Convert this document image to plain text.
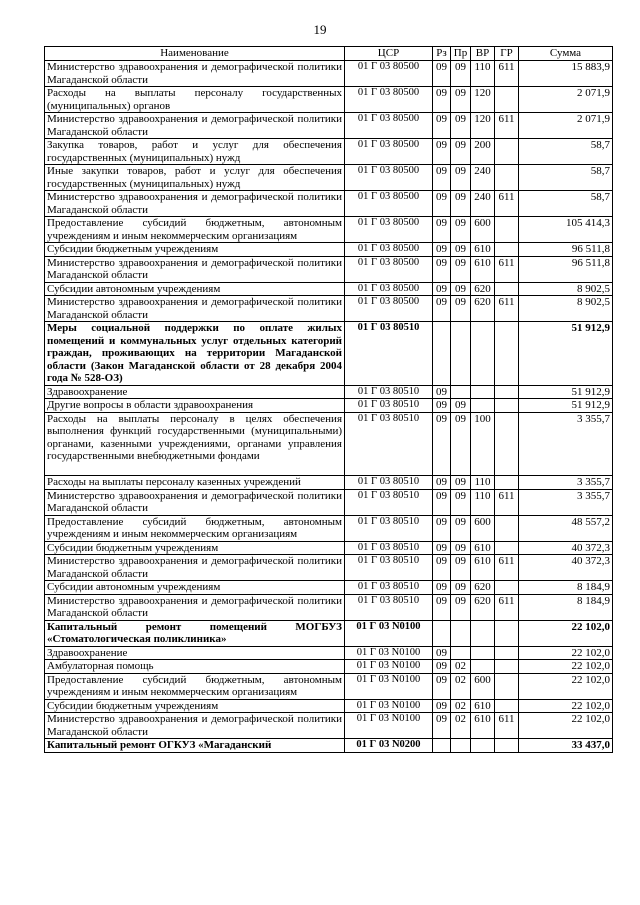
19
Наименование	ЦСР	Рз	Пр	ВР	ГР	Сумма
Министерство здравоохранения и демографической политики Магаданской области	01 Г 03 80500	09	09	110	611	15 883,9
Расходы на выплаты персоналу государственных (муниципальных) органов	01 Г 03 80500	09	09	120		2 071,9
Министерство здравоохранения и демографической политики Магаданской области	01 Г 03 80500	09	09	120	611	2 071,9
Закупка товаров, работ и услуг для обеспечения государственных (муниципальных) нужд	01 Г 03 80500	09	09	200		58,7
Иные закупки товаров, работ и услуг для обеспечения государственных (муниципальных) нужд	01 Г 03 80500	09	09	240		58,7
Министерство здравоохранения и демографической политики Магаданской области	01 Г 03 80500	09	09	240	611	58,7
Предоставление субсидий бюджетным, автономным учреждениям и иным некоммерческим организациям	01 Г 03 80500	09	09	600		105 414,3
Субсидии бюджетным учреждениям	01 Г 03 80500	09	09	610		96 511,8
Министерство здравоохранения и демографической политики Магаданской области	01 Г 03 80500	09	09	610	611	96 511,8
Субсидии автономным учреждениям	01 Г 03 80500	09	09	620		8 902,5
Министерство здравоохранения и демографической политики Магаданской области	01 Г 03 80500	09	09	620	611	8 902,5
Меры социальной поддержки по оплате жилых помещений и коммунальных услуг отдельных категорий граждан, проживающих на территории Магаданской области (Закон Магаданской области от 28 декабря 2004 года № 528-ОЗ)	01 Г 03 80510					51 912,9
Здравоохранение	01 Г 03 80510	09				51 912,9
Другие вопросы в области здравоохранения	01 Г 03 80510	09	09			51 912,9
Расходы на выплаты персоналу в целях обеспечения выполнения функций государственными (муниципальными) органами, казенными учреждениями, органами управления государственными внебюджетными фондами	01 Г 03 80510	09	09	100		3 355,7
Расходы на выплаты персоналу казенных учреждений	01 Г 03 80510	09	09	110		3 355,7
Министерство здравоохранения и демографической политики Магаданской области	01 Г 03 80510	09	09	110	611	3 355,7
Предоставление субсидий бюджетным, автономным учреждениям и иным некоммерческим организациям	01 Г 03 80510	09	09	600		48 557,2
Субсидии бюджетным учреждениям	01 Г 03 80510	09	09	610		40 372,3
Министерство здравоохранения и демографической политики Магаданской области	01 Г 03 80510	09	09	610	611	40 372,3
Субсидии автономным учреждениям	01 Г 03 80510	09	09	620		8 184,9
Министерство здравоохранения и демографической политики Магаданской области	01 Г 03 80510	09	09	620	611	8 184,9
Капитальный ремонт помещений МОГБУЗ «Стоматологическая поликлиника»	01 Г 03 N0100					22 102,0
Здравоохранение	01 Г 03 N0100	09				22 102,0
Амбулаторная помощь	01 Г 03 N0100	09	02			22 102,0
Предоставление субсидий бюджетным, автономным учреждениям и иным некоммерческим организациям	01 Г 03 N0100	09	02	600		22 102,0
Субсидии бюджетным учреждениям	01 Г 03 N0100	09	02	610		22 102,0
Министерство здравоохранения и демографической политики Магаданской области	01 Г 03 N0100	09	02	610	611	22 102,0
Капитальный ремонт ОГКУЗ «Магаданский	01 Г 03 N0200					33 437,0
